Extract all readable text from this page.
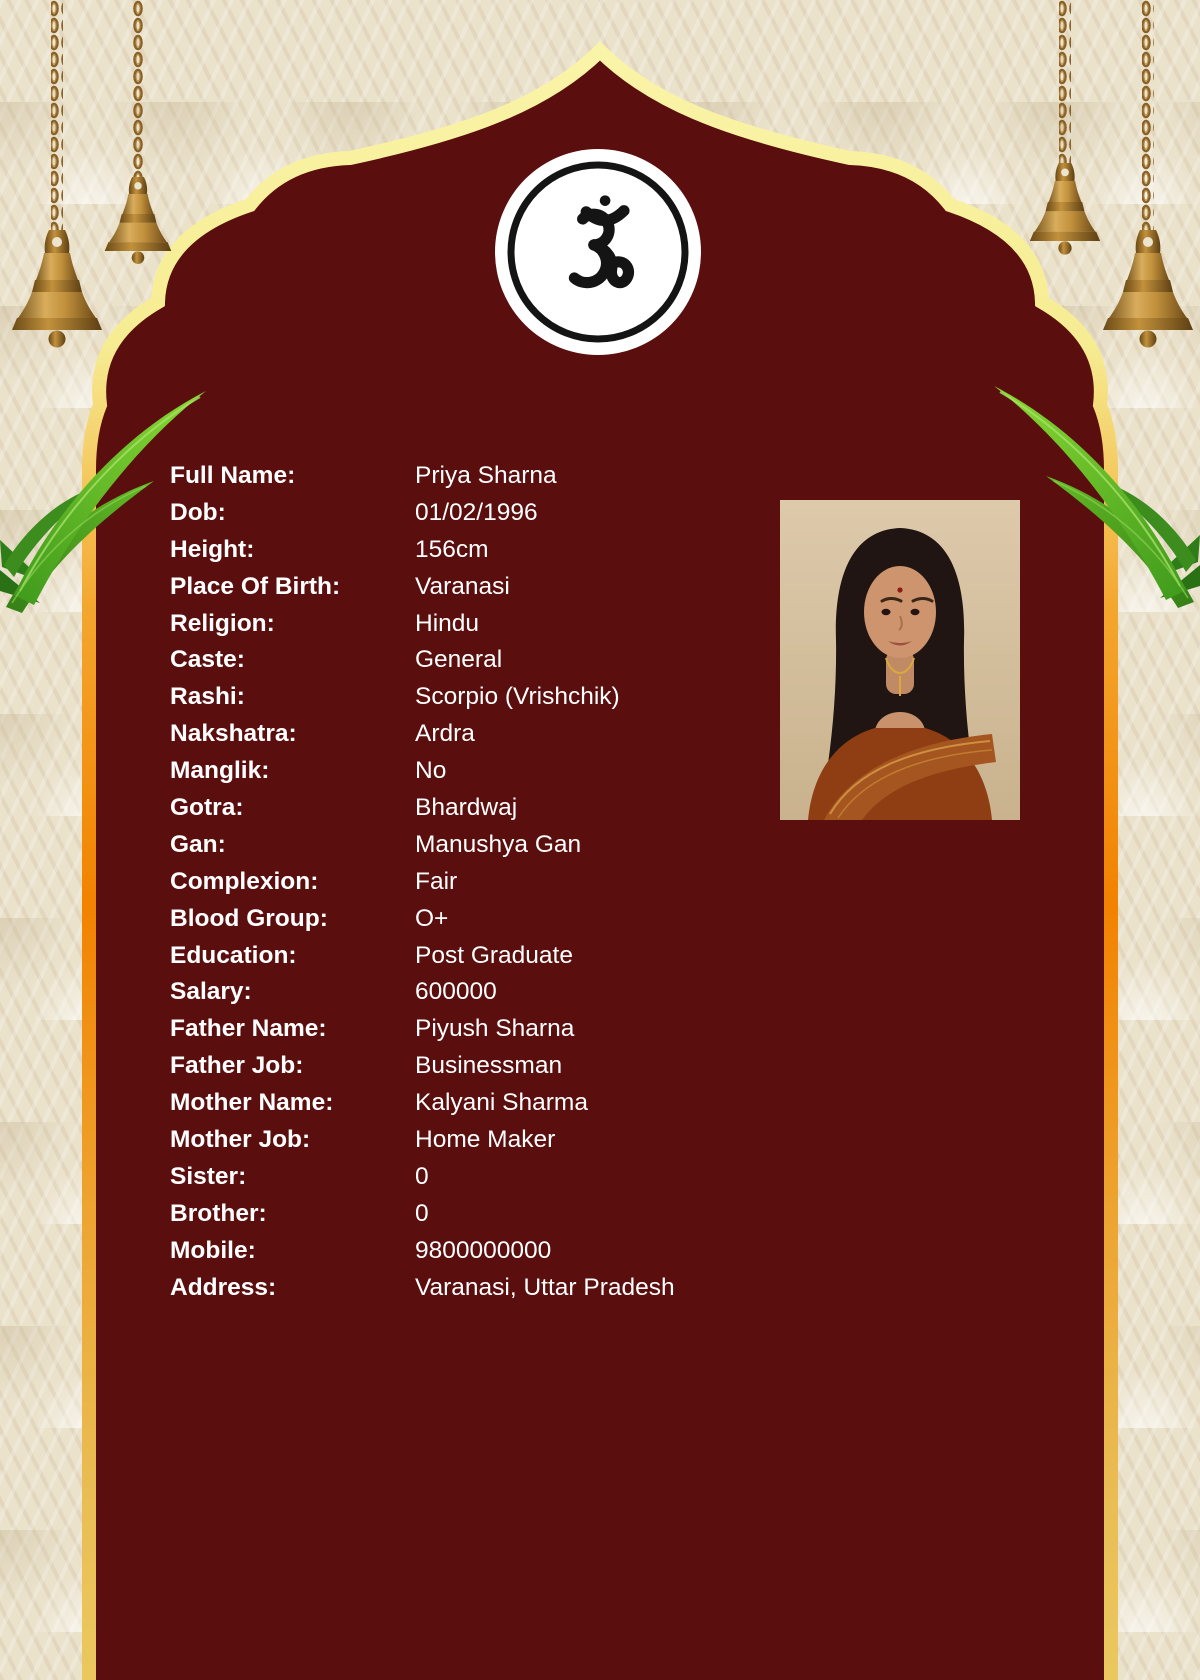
Full Name:	Priya Sharna
Dob:	01/02/1996
Height:	156cm
Place Of Birth:	Varanasi
Religion:	Hindu
Caste:	General
Rashi:	Scorpio (Vrishchik)
Nakshatra:	Ardra
Manglik:	No
Gotra:	Bhardwaj
Gan:	Manushya Gan
Complexion:	Fair
Blood Group:	O+
Education:	Post Graduate
Salary:	600000
Father Name:	Piyush Sharna
Father Job:	Businessman
Mother Name:	Kalyani Sharma
Mother Job:	Home Maker
Sister:	0
Brother:	0
Mobile:	9800000000
Address:	Varanasi, Uttar Pradesh
